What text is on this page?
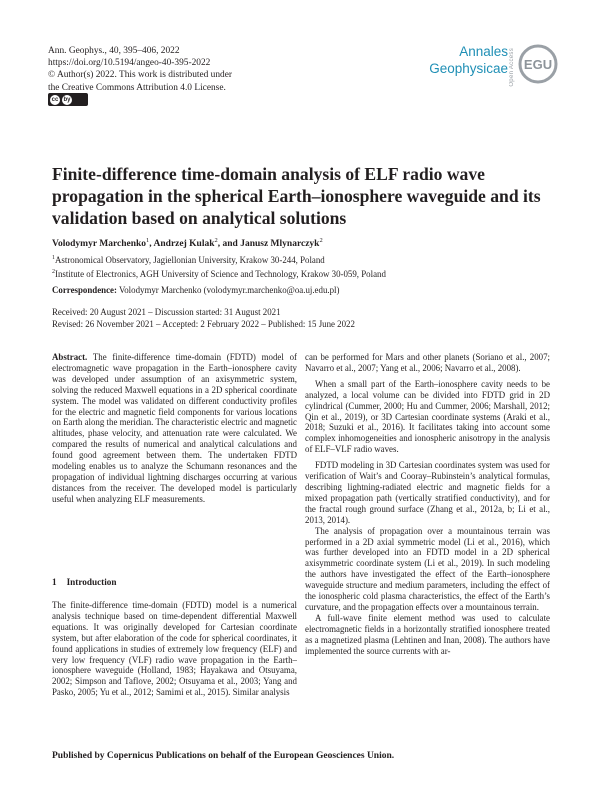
Ann. Geophys., 40, 395–406, 2022
https://doi.org/10.5194/angeo-40-395-2022
© Author(s) 2022. This work is distributed under
the Creative Commons Attribution 4.0 License.
cc by
Annales
Geophysicae Open Access EGU
Finite-difference time-domain analysis of ELF radio wave propagation in the spherical Earth–ionosphere waveguide and its validation based on analytical solutions
Volodymyr Marchenko$^1$, Andrzej Kulak$^2$, and Janusz Mlynarczyk$^2$
$^1$Astronomical Observatory, Jagiellonian University, Krakow 30-244, Poland
$^2$Institute of Electronics, AGH University of Science and Technology, Krakow 30-059, Poland
Correspondence: Volodymyr Marchenko (volodymyr.marchenko@oa.uj.edu.pl)
Received: 20 August 2021 – Discussion started: 31 August 2021
Revised: 26 November 2021 – Accepted: 2 February 2022 – Published: 15 June 2022

Abstract. The finite-difference time-domain (FDTD) model of electromagnetic wave propagation in the Earth–ionosphere cavity was developed under assumption of an axisymmetric system, solving the reduced Maxwell equations in a 2D spherical coordinate system. The model was validated on different conductivity profiles for the electric and magnetic field components for various locations on Earth along the meridian. The characteristic electric and magnetic altitudes, phase velocity, and attenuation rate were calculated. We compared the results of numerical and analytical calculations and found good agreement between them. The undertaken FDTD modeling enables us to analyze the Schumann resonances and the propagation of individual lightning discharges occurring at various distances from the receiver. The developed model is particularly useful when analyzing ELF measurements.

1 Introduction

The finite-difference time-domain (FDTD) model is a numerical analysis technique based on time-dependent differential Maxwell equations. It was originally developed for Cartesian coordinate system, but after elaboration of the code for spherical coordinates, it found applications in studies of extremely low frequency (ELF) and very low frequency (VLF) radio wave propagation in the Earth–ionosphere waveguide (Holland, 1983; Hayakawa and Otsuyama, 2002; Simpson and Taflove, 2002; Otsuyama et al., 2003; Yang and Pasko, 2005; Yu et al., 2012; Samimi et al., 2015). Similar analysis

can be performed for Mars and other planets (Soriano et al., 2007; Navarro et al., 2007; Yang et al., 2006; Navarro et al., 2008).

When a small part of the Earth–ionosphere cavity needs to be analyzed, a local volume can be divided into FDTD grid in 2D cylindrical (Cummer, 2000; Hu and Cummer, 2006; Marshall, 2012; Qin et al., 2019), or 3D Cartesian coordinate systems (Araki et al., 2018; Suzuki et al., 2016). It facilitates taking into account some complex inhomogeneities and ionospheric anisotropy in the analysis of ELF–VLF radio waves.

FDTD modeling in 3D Cartesian coordinates system was used for verification of Wait’s and Cooray–Rubinstein’s analytical formulas, describing lightning-radiated electric and magnetic fields for a mixed propagation path (vertically stratified conductivity), and for the fractal rough ground surface (Zhang et al., 2012a, b; Li et al., 2013, 2014).

The analysis of propagation over a mountainous terrain was performed in a 2D axial symmetric model (Li et al., 2016), which was further developed into an FDTD model in a 2D spherical axisymmetric coordinate system (Li et al., 2019). In such modeling the authors have investigated the effect of the Earth–ionosphere waveguide structure and medium parameters, including the effect of the ionospheric cold plasma characteristics, the effect of the Earth’s curvature, and the propagation effects over a mountainous terrain.

A full-wave finite element method was used to calculate electromagnetic fields in a horizontally stratified ionosphere treated as a magnetized plasma (Lehtinen and Inan, 2008). The authors have implemented the source currents with ar-

Published by Copernicus Publications on behalf of the European Geosciences Union.
